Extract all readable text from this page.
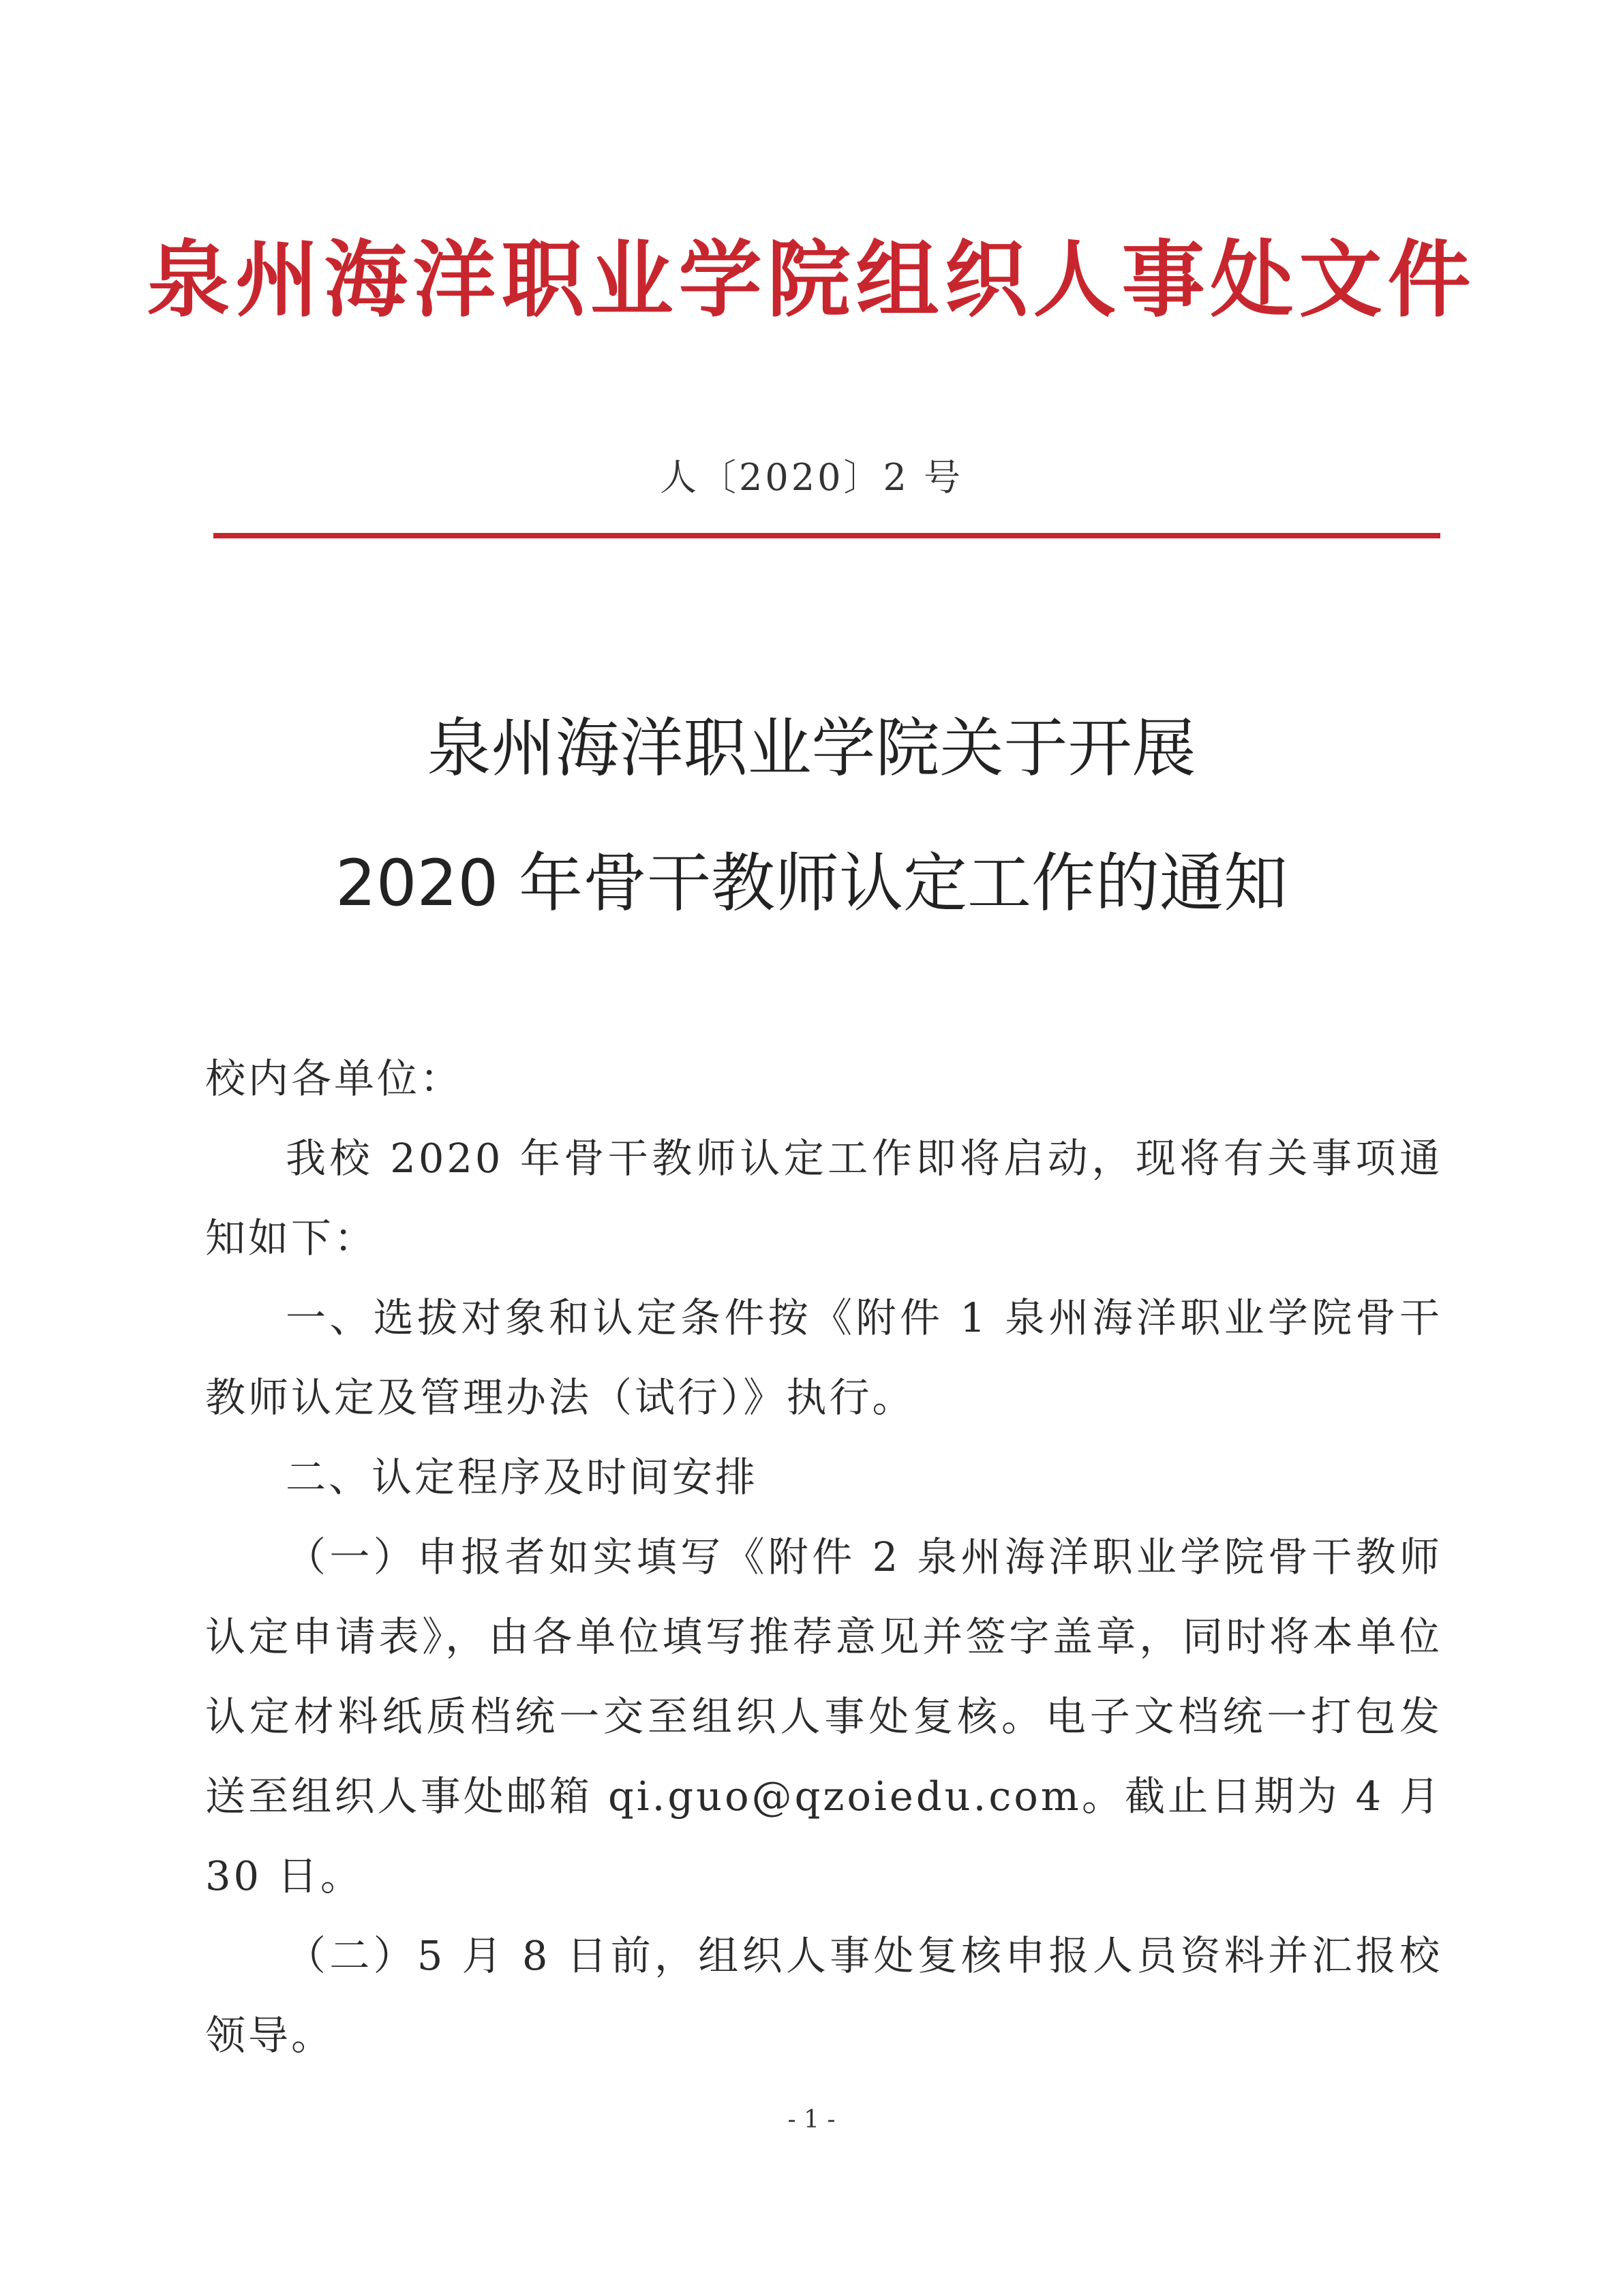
泉州海洋职业学院组织人事处文件
人〔2020〕2 号
泉州海洋职业学院关于开展
2020 年骨干教师认定工作的通知

校内各单位：

我校 2020 年骨干教师认定工作即将启动，现将有关事项通知如下：

一、选拔对象和认定条件按《附件 1 泉州海洋职业学院骨干教师认定及管理办法（试行）》执行。

二、认定程序及时间安排

（一）申报者如实填写《附件 2 泉州海洋职业学院骨干教师认定申请表》，由各单位填写推荐意见并签字盖章，同时将本单位认定材料纸质档统一交至组织人事处复核。电子文档统一打包发送至组织人事处邮箱 qi.guo@qzoiedu.com。截止日期为 4 月 30 日。

（二）5 月 8 日前，组织人事处复核申报人员资料并汇报校领导。

- 1 -
